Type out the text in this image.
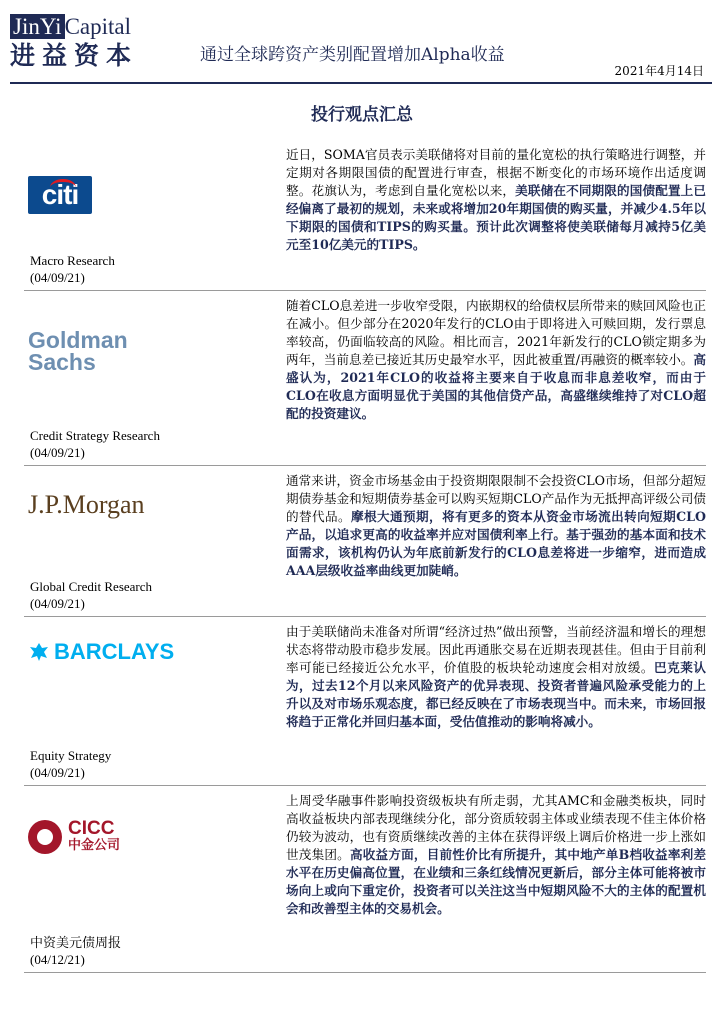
JinYi Capital
进益资本	通过全球跨资产类别配置增加Alpha收益
2021年4月14日
投行观点汇总
citi
Macro Research
(04/09/21)
近日，SOMA官员表示美联储将对目前的量化宽松的执行策略进行调整，并定期对各期限国债的配置进行审查，根据不断变化的市场环境作出适度调整。花旗认为，考虑到自量化宽松以来，美联储在不同期限的国债配置上已经偏离了最初的规划，未来或将增加20年期国债的购买量，并减少4.5年以下期限的国债和TIPS的购买量。预计此次调整将使美联储每月减持5亿美元至10亿美元的TIPS。
Goldman
Sachs
Credit Strategy Research
(04/09/21)
随着CLO息差进一步收窄受限，内嵌期权的给债权层所带来的赎回风险也正在减小。但少部分在2020年发行的CLO由于即将进入可赎回期，发行票息率较高，仍面临较高的风险。相比而言，2021年新发行的CLO锁定期多为两年，当前息差已接近其历史最窄水平，因此被重置/再融资的概率较小。高盛认为，2021年CLO的收益将主要来自于收息而非息差收窄，而由于CLO在收息方面明显优于美国的其他信贷产品，高盛继续维持了对CLO超配的投资建议。
J.P.Morgan
Global Credit Research
(04/09/21)
通常来讲，资金市场基金由于投资期限限制不会投资CLO市场，但部分超短期债券基金和短期债券基金可以购买短期CLO产品作为无抵押高评级公司债的替代品。摩根大通预期，将有更多的资本从资金市场流出转向短期CLO产品，以追求更高的收益率并应对国债利率上行。基于强劲的基本面和技术面需求，该机构仍认为年底前新发行的CLO息差将进一步缩窄，进而造成AAA层级收益率曲线更加陡峭。
BARCLAYS
Equity Strategy
(04/09/21)
由于美联储尚未准备对所谓“经济过热”做出预警，当前经济温和增长的理想状态将带动股市稳步发展。因此再通胀交易在近期表现甚佳。但由于目前利率可能已经接近公允水平，价值股的板块轮动速度会相对放缓。巴克莱认为，过去12个月以来风险资产的优异表现、投资者普遍风险承受能力的上升以及对市场乐观态度，都已经反映在了市场表现当中。而未来，市场回报将趋于正常化并回归基本面，受估值推动的影响将减小。
CICC
中金公司
中资美元债周报
(04/12/21)
上周受华融事件影响投资级板块有所走弱，尤其AMC和金融类板块，同时高收益板块内部表现继续分化，部分资质较弱主体或业绩表现不佳主体价格仍较为波动，也有资质继续改善的主体在获得评级上调后价格进一步上涨如世茂集团。高收益方面，目前性价比有所提升，其中地产单B档收益率利差水平在历史偏高位置，在业绩和三条红线情况更新后，部分主体可能将被市场向上或向下重定价，投资者可以关注这当中短期风险不大的主体的配置机会和改善型主体的交易机会。
